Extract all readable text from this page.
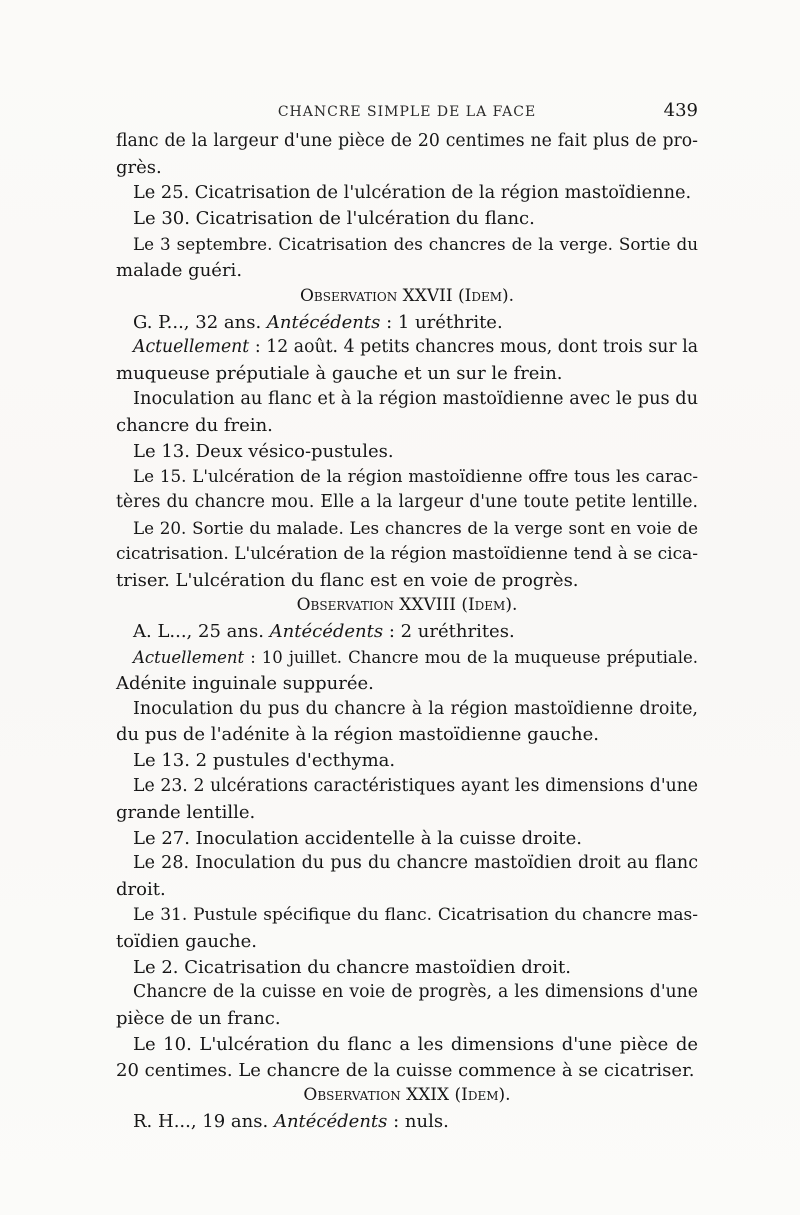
CHANCRE SIMPLE DE LA FACE	439
flanc de la largeur d'une pièce de 20 centimes ne fait plus de pro-
grès.
Le 25. Cicatrisation de l'ulcération de la région mastoïdienne.
Le 30. Cicatrisation de l'ulcération du flanc.
Le 3 septembre. Cicatrisation des chancres de la verge. Sortie du
malade guéri.
Observation XXVII (Idem).
G. P..., 32 ans. Antécédents : 1 uréthrite.
Actuellement : 12 août. 4 petits chancres mous, dont trois sur la
muqueuse préputiale à gauche et un sur le frein.
Inoculation au flanc et à la région mastoïdienne avec le pus du
chancre du frein.
Le 13. Deux vésico-pustules.
Le 15. L'ulcération de la région mastoïdienne offre tous les carac-
tères du chancre mou. Elle a la largeur d'une toute petite lentille.
Le 20. Sortie du malade. Les chancres de la verge sont en voie de
cicatrisation. L'ulcération de la région mastoïdienne tend à se cica-
triser. L'ulcération du flanc est en voie de progrès.
Observation XXVIII (Idem).
A. L..., 25 ans. Antécédents : 2 uréthrites.
Actuellement : 10 juillet. Chancre mou de la muqueuse préputiale.
Adénite inguinale suppurée.
Inoculation du pus du chancre à la région mastoïdienne droite,
du pus de l'adénite à la région mastoïdienne gauche.
Le 13. 2 pustules d'ecthyma.
Le 23. 2 ulcérations caractéristiques ayant les dimensions d'une
grande lentille.
Le 27. Inoculation accidentelle à la cuisse droite.
Le 28. Inoculation du pus du chancre mastoïdien droit au flanc
droit.
Le 31. Pustule spécifique du flanc. Cicatrisation du chancre mas-
toïdien gauche.
Le 2. Cicatrisation du chancre mastoïdien droit.
Chancre de la cuisse en voie de progrès, a les dimensions d'une
pièce de un franc.
Le 10. L'ulcération du flanc a les dimensions d'une pièce de
20 centimes. Le chancre de la cuisse commence à se cicatriser.
Observation XXIX (Idem).
R. H..., 19 ans. Antécédents : nuls.
